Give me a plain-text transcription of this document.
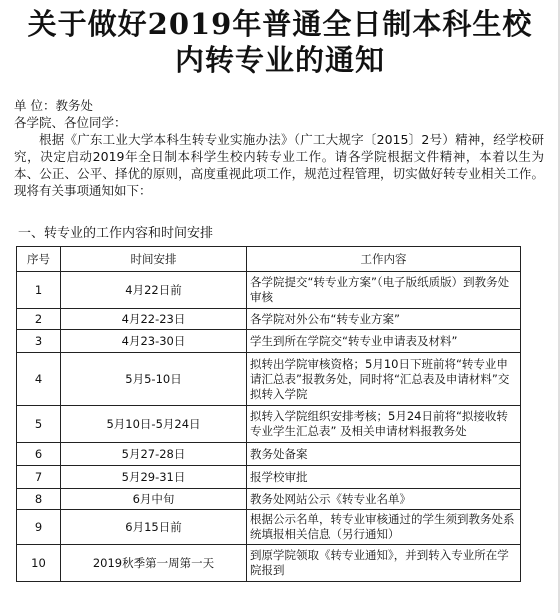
关于做好2019年普通全日制本科生校
内转专业的通知
单 位：教务处
各学院、各位同学：
根据《广东工业大学本科生转专业实施办法》（广工大规字〔2015〕2号）精神，经学校研究，决定启动2019年全日制本科学生校内转专业工作。请各学院根据文件精神，本着以生为本、公正、公平、择优的原则，高度重视此项工作，规范过程管理，切实做好转专业相关工作。现将有关事项通知如下：
一、转专业的工作内容和时间安排
序号	时间安排	工作内容
1	4月22日前	各学院提交“转专业方案”（电子版纸质版）到教务处审核
2	4月22-23日	各学院对外公布“转专业方案”
3	4月23-30日	学生到所在学院交“转专业申请表及材料”
4	5月5-10日	拟转出学院审核资格；5月10日下班前将“转专业申请汇总表”报教务处，同时将“汇总表及申请材料”交拟转入学院
5	5月10日-5月24日	拟转入学院组织安排考核；5月24日前将“拟接收转专业学生汇总表” 及相关申请材料报教务处
6	5月27-28日	教务处备案
7	5月29-31日	报学校审批
8	6月中旬	教务处网站公示《转专业名单》
9	6月15日前	根据公示名单，转专业审核通过的学生须到教务处系统填报相关信息（另行通知）
10	2019秋季第一周第一天	到原学院领取《转专业通知》，并到转入专业所在学院报到
